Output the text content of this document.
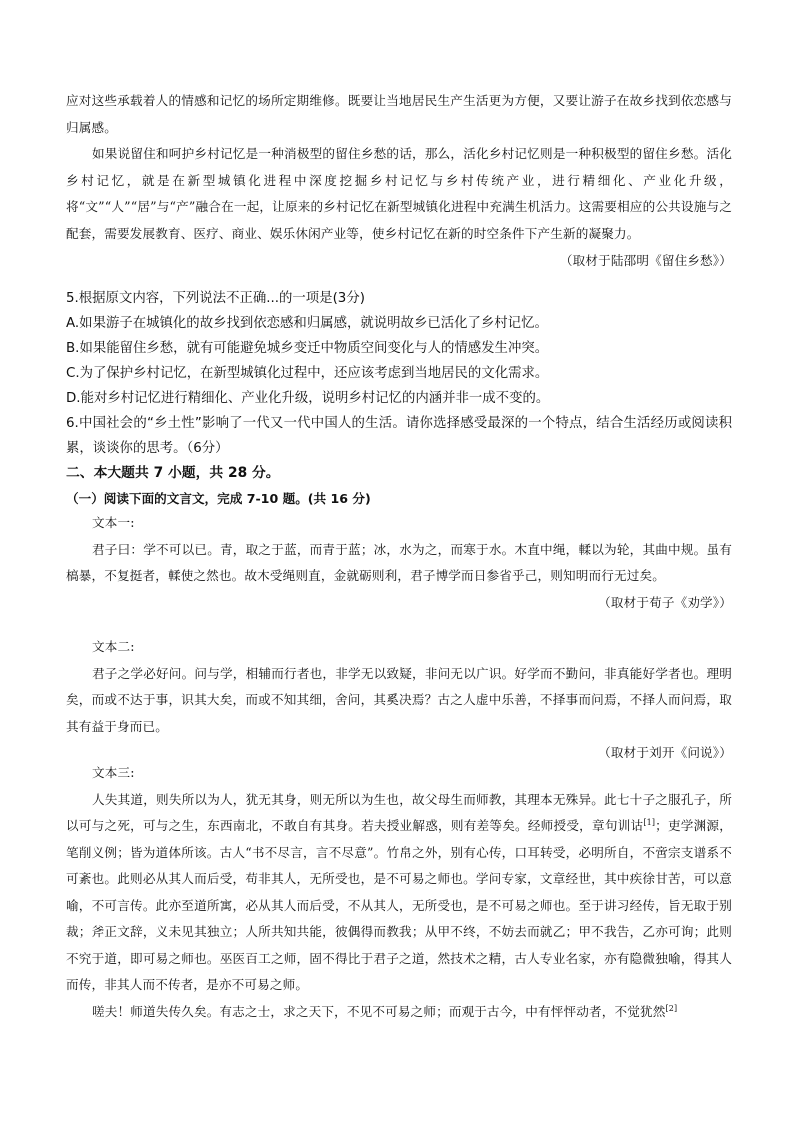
应对这些承载着人的情感和记忆的场所定期维修。既要让当地居民生产生活更为方便，又要让游子在故乡找到依恋感与归属感。

如果说留住和呵护乡村记忆是一种消极型的留住乡愁的话，那么，活化乡村记忆则是一种积极型的留住乡愁。活化乡村记忆，就是在新型城镇化进程中深度挖掘乡村记忆与乡村传统产业，进行精细化、产业化升级，将“文”“人”“居”与“产”融合在一起，让原来的乡村记忆在新型城镇化进程中充满生机活力。这需要相应的公共设施与之配套，需要发展教育、医疗、商业、娱乐休闲产业等，使乡村记忆在新的时空条件下产生新的凝聚力。

（取材于陆邵明《留住乡愁》）

5.根据原文内容，下列说法不正确...的一项是(3分)

A.如果游子在城镇化的故乡找到依恋感和归属感，就说明故乡已活化了乡村记忆。

B.如果能留住乡愁，就有可能避免城乡变迁中物质空间变化与人的情感发生冲突。

C.为了保护乡村记忆，在新型城镇化过程中，还应该考虑到当地居民的文化需求。

D.能对乡村记忆进行精细化、产业化升级，说明乡村记忆的内涵并非一成不变的。

6.中国社会的“乡土性”影响了一代又一代中国人的生活。请你选择感受最深的一个特点，结合生活经历或阅读积累，谈谈你的思考。（6分）

二、本大题共 7 小题，共 28 分。

（一）阅读下面的文言文，完成 7-10 题。(共 16 分)

文本一:

君子曰：学不可以已。青，取之于蓝，而青于蓝；冰，水为之，而寒于水。木直中绳，輮以为轮，其曲中规。虽有槁暴，不复挺者，輮使之然也。故木受绳则直，金就砺则利，君子博学而日参省乎己，则知明而行无过矣。

（取材于荀子《劝学》）

文本二:

君子之学必好问。问与学，相辅而行者也，非学无以致疑，非问无以广识。好学而不勤问，非真能好学者也。理明矣，而或不达于事，识其大矣，而或不知其细，舍问，其奚决焉？古之人虚中乐善，不择事而问焉，不择人而问焉，取其有益于身而已。

（取材于刘开《问说》）

文本三:

人失其道，则失所以为人，犹无其身，则无所以为生也，故父母生而师教，其理本无殊异。此七十子之服孔子，所以可与之死，可与之生，东西南北，不敢自有其身。若夫授业解惑，则有差等矣。经师授受，章句训诂[1]；吏学渊源，笔削义例；皆为道体所该。古人“书不尽言，言不尽意”。竹帛之外，别有心传，口耳转受，必明所自，不啻宗支谱系不可紊也。此则必从其人而后受，苟非其人，无所受也，是不可易之师也。学问专家，文章经世，其中疾徐甘苦，可以意喻，不可言传。此亦至道所寓，必从其人而后受，不从其人，无所受也，是不可易之师也。至于讲习经传，旨无取于别裁；斧正文辞，义未见其独立；人所共知共能，彼偶得而教我；从甲不终，不妨去而就乙；甲不我告，乙亦可询；此则不究于道，即可易之师也。巫医百工之师，固不得比于君子之道，然技术之精，古人专业名家，亦有隐微独喻，得其人而传，非其人而不传者，是亦不可易之师。

嗟夫！师道失传久矣。有志之士，求之天下，不见不可易之师；而观于古今，中有怦怦动者，不觉犹然[2]
